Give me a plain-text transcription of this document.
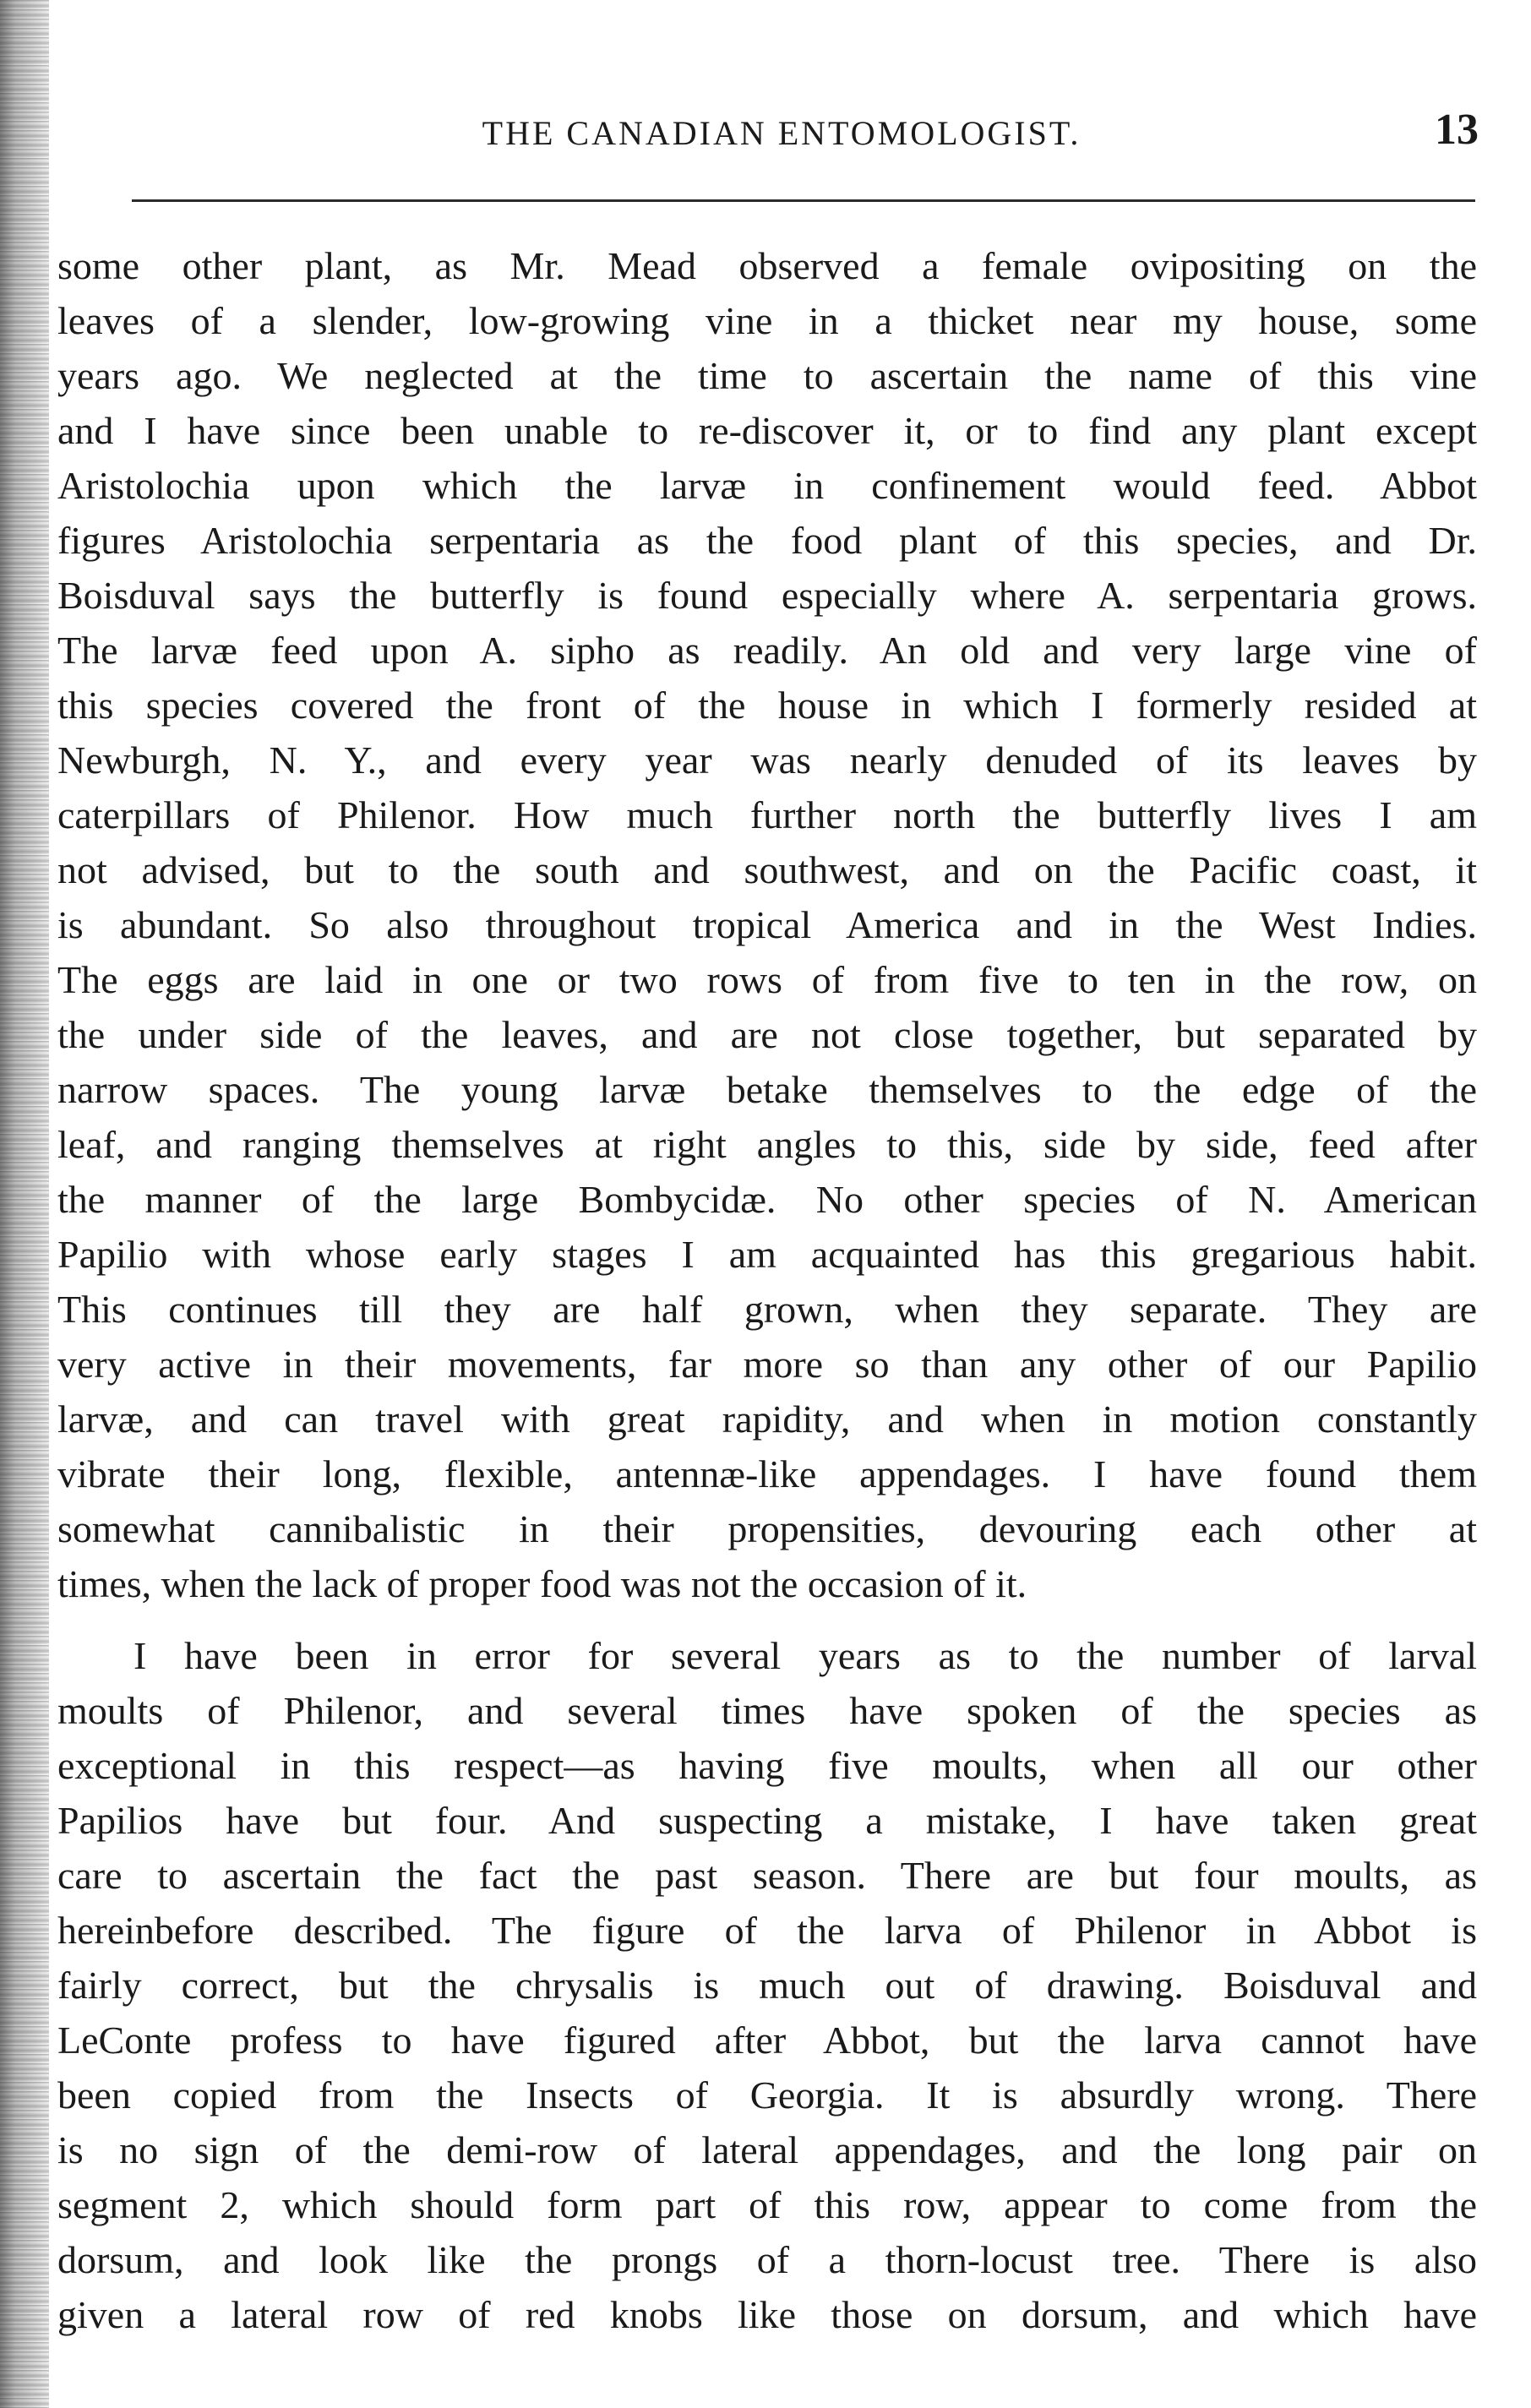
THE CANADIAN ENTOMOLOGIST.	13
some other plant, as Mr. Mead observed a female ovipositing on the
leaves of a slender, low-growing vine in a thicket near my house, some
years ago. We neglected at the time to ascertain the name of this vine
and I have since been unable to re-discover it, or to find any plant except
Aristolochia upon which the larvæ in confinement would feed. Abbot
figures Aristolochia serpentaria as the food plant of this species, and Dr.
Boisduval says the butterfly is found especially where A. serpentaria grows.
The larvæ feed upon A. sipho as readily. An old and very large vine of
this species covered the front of the house in which I formerly resided at
Newburgh, N. Y., and every year was nearly denuded of its leaves by
caterpillars of Philenor. How much further north the butterfly lives I am
not advised, but to the south and southwest, and on the Pacific coast, it
is abundant. So also throughout tropical America and in the West Indies.
The eggs are laid in one or two rows of from five to ten in the row, on
the under side of the leaves, and are not close together, but separated by
narrow spaces. The young larvæ betake themselves to the edge of the
leaf, and ranging themselves at right angles to this, side by side, feed after
the manner of the large Bombycidæ. No other species of N. American
Papilio with whose early stages I am acquainted has this gregarious habit.
This continues till they are half grown, when they separate. They are
very active in their movements, far more so than any other of our Papilio
larvæ, and can travel with great rapidity, and when in motion constantly
vibrate their long, flexible, antennæ-like appendages. I have found them
somewhat cannibalistic in their propensities, devouring each other at
times, when the lack of proper food was not the occasion of it.
I have been in error for several years as to the number of larval
moults of Philenor, and several times have spoken of the species as
exceptional in this respect—as having five moults, when all our other
Papilios have but four. And suspecting a mistake, I have taken great
care to ascertain the fact the past season. There are but four moults, as
hereinbefore described. The figure of the larva of Philenor in Abbot is
fairly correct, but the chrysalis is much out of drawing. Boisduval and
LeConte profess to have figured after Abbot, but the larva cannot have
been copied from the Insects of Georgia. It is absurdly wrong. There
is no sign of the demi-row of lateral appendages, and the long pair on
segment 2, which should form part of this row, appear to come from the
dorsum, and look like the prongs of a thorn-locust tree. There is also
given a lateral row of red knobs like those on dorsum, and which have
